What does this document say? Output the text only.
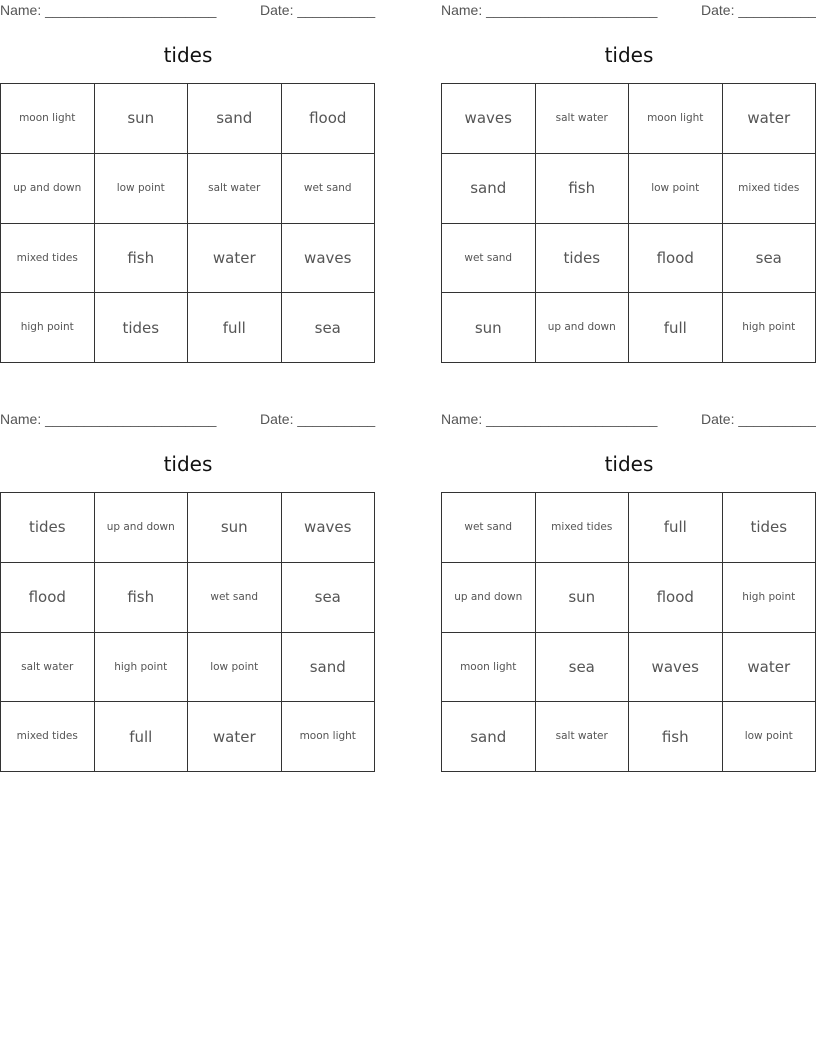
Name: ______________________	Date: __________
tides
moon light	sun	sand	flood
up and down	low point	salt water	wet sand
mixed tides	fish	water	waves
high point	tides	full	sea
Name: ______________________	Date: __________
tides
waves	salt water	moon light	water
sand	fish	low point	mixed tides
wet sand	tides	flood	sea
sun	up and down	full	high point
Name: ______________________	Date: __________
tides
tides	up and down	sun	waves
flood	fish	wet sand	sea
salt water	high point	low point	sand
mixed tides	full	water	moon light
Name: ______________________	Date: __________
tides
wet sand	mixed tides	full	tides
up and down	sun	flood	high point
moon light	sea	waves	water
sand	salt water	fish	low point
